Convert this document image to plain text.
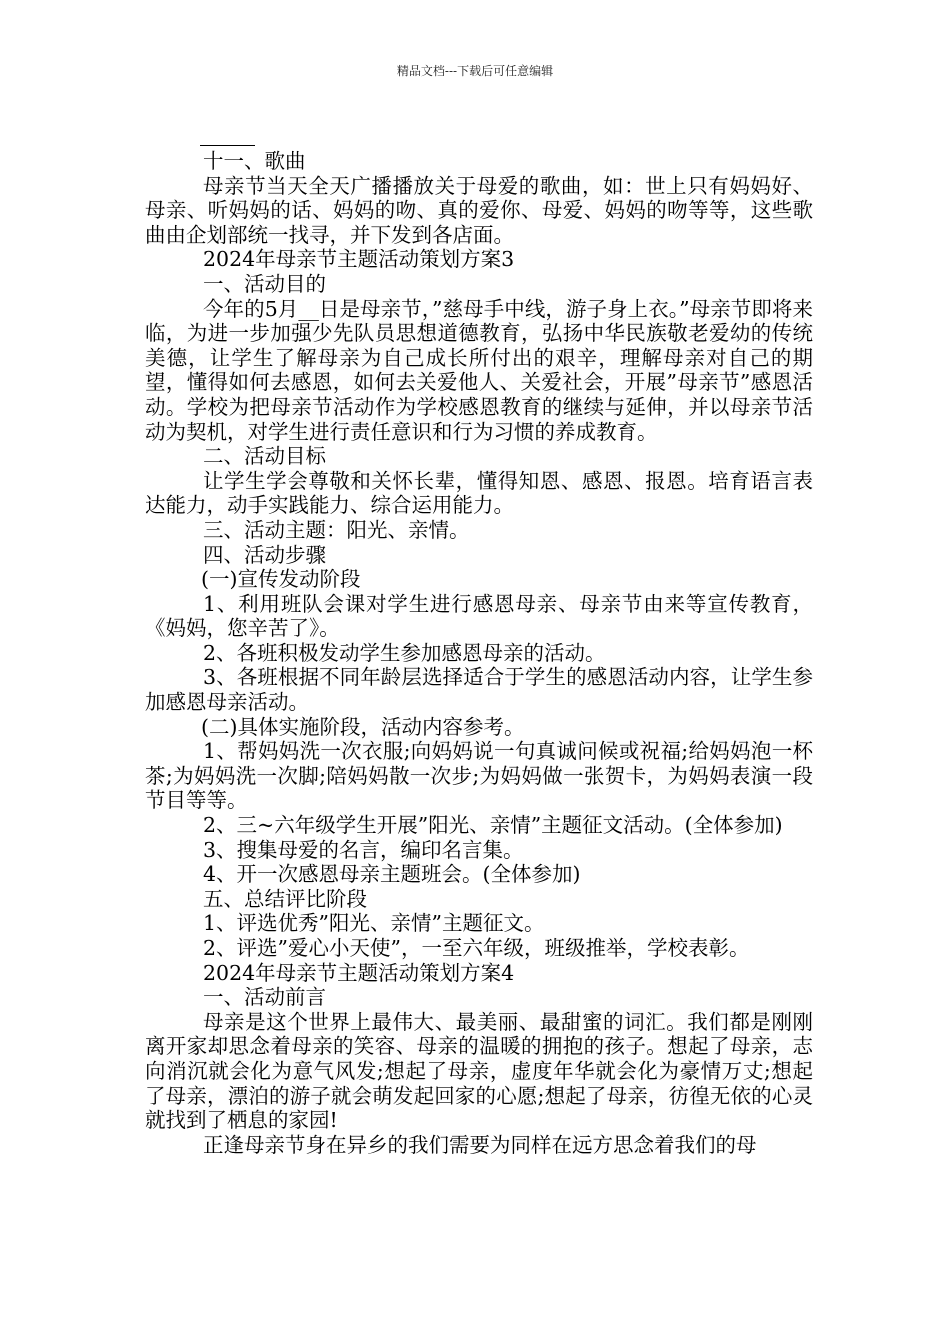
精品文档---下载后可任意编辑

十一、歌曲

母亲节当天全天广播播放关于母爱的歌曲，如：世上只有妈妈好、母亲、听妈妈的话、妈妈的吻、真的爱你、母爱、妈妈的吻等等，这些歌曲由企划部统一找寻，并下发到各店面。

2024年母亲节主题活动策划方案3

一、活动目的

今年的5月__日是母亲节，”慈母手中线，游子身上衣。”母亲节即将来临，为进一步加强少先队员思想道德教育，弘扬中华民族敬老爱幼的传统美德，让学生了解母亲为自己成长所付出的艰辛，理解母亲对自己的期望，懂得如何去感恩，如何去关爱他人、关爱社会，开展”母亲节”感恩活动。学校为把母亲节活动作为学校感恩教育的继续与延伸，并以母亲节活动为契机，对学生进行责任意识和行为习惯的养成教育。

二、活动目标

让学生学会尊敬和关怀长辈，懂得知恩、感恩、报恩。培育语言表达能力，动手实践能力、综合运用能力。

三、活动主题：阳光、亲情。

四、活动步骤

(一)宣传发动阶段

1、利用班队会课对学生进行感恩母亲、母亲节由来等宣传教育，《妈妈，您辛苦了》。

2、各班积极发动学生参加感恩母亲的活动。

3、各班根据不同年龄层选择适合于学生的感恩活动内容，让学生参加感恩母亲活动。

(二)具体实施阶段，活动内容参考。

1、帮妈妈洗一次衣服;向妈妈说一句真诚问候或祝福;给妈妈泡一杯茶;为妈妈洗一次脚;陪妈妈散一次步;为妈妈做一张贺卡，为妈妈表演一段节目等等。

2、三~六年级学生开展”阳光、亲情”主题征文活动。(全体参加)

3、搜集母爱的名言，编印名言集。

4、开一次感恩母亲主题班会。(全体参加)

五、总结评比阶段

1、评选优秀”阳光、亲情”主题征文。

2、评选”爱心小天使”，一至六年级，班级推举，学校表彰。

2024年母亲节主题活动策划方案4

一、活动前言

母亲是这个世界上最伟大、最美丽、最甜蜜的词汇。我们都是刚刚离开家却思念着母亲的笑容、母亲的温暖的拥抱的孩子。想起了母亲，志向消沉就会化为意气风发;想起了母亲，虚度年华就会化为豪情万丈;想起了母亲，漂泊的游子就会萌发起回家的心愿;想起了母亲，彷徨无依的心灵就找到了栖息的家园!

正逢母亲节身在异乡的我们需要为同样在远方思念着我们的母
